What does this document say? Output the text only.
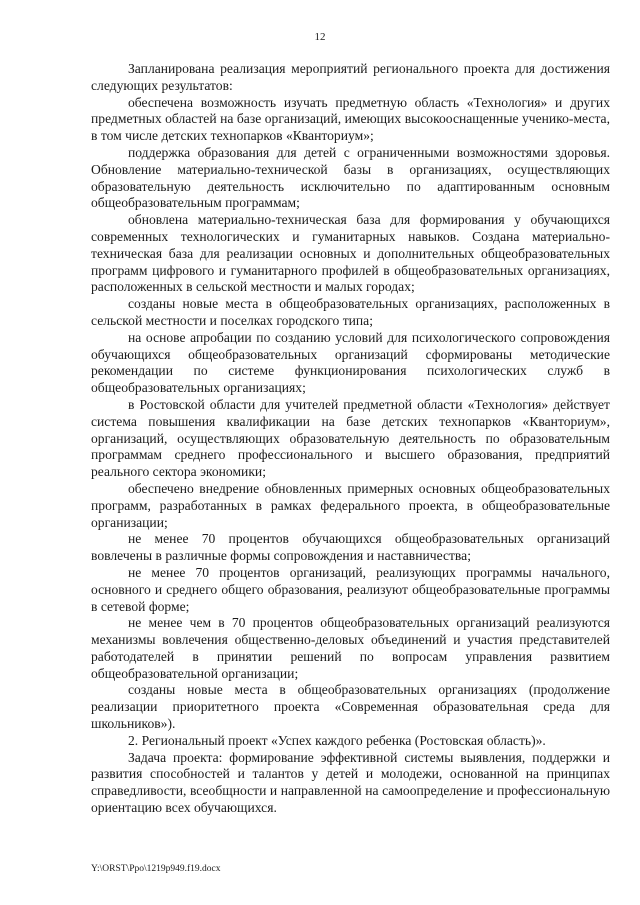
12

Запланирована реализация мероприятий регионального проекта для достижения следующих результатов:

обеспечена возможность изучать предметную область «Технология» и других предметных областей на базе организаций, имеющих высокооснащенные ученико-места, в том числе детских технопарков «Кванториум»;

поддержка образования для детей с ограниченными возможностями здоровья. Обновление материально-технической базы в организациях, осуществляющих образовательную деятельность исключительно по адаптированным основным общеобразовательным программам;

обновлена материально-техническая база для формирования у обучающихся современных технологических и гуманитарных навыков. Создана материально-техническая база для реализации основных и дополнительных общеобразовательных программ цифрового и гуманитарного профилей в общеобразовательных организациях, расположенных в сельской местности и малых городах;

созданы новые места в общеобразовательных организациях, расположенных в сельской местности и поселках городского типа;

на основе апробации по созданию условий для психологического сопровождения обучающихся общеобразовательных организаций сформированы методические рекомендации по системе функционирования психологических служб в общеобразовательных организациях;

в Ростовской области для учителей предметной области «Технология» действует система повышения квалификации на базе детских технопарков «Кванториум», организаций, осуществляющих образовательную деятельность по образовательным программам среднего профессионального и высшего образования, предприятий реального сектора экономики;

обеспечено внедрение обновленных примерных основных общеобразовательных программ, разработанных в рамках федерального проекта, в общеобразовательные организации;

не менее 70 процентов обучающихся общеобразовательных организаций вовлечены в различные формы сопровождения и наставничества;

не менее 70 процентов организаций, реализующих программы начального, основного и среднего общего образования, реализуют общеобразовательные программы в сетевой форме;

не менее чем в 70 процентов общеобразовательных организаций реализуются механизмы вовлечения общественно-деловых объединений и участия представителей работодателей в принятии решений по вопросам управления развитием общеобразовательной организации;

созданы новые места в общеобразовательных организациях (продолжение реализации приоритетного проекта «Современная образовательная среда для школьников»).

2. Региональный проект «Успех каждого ребенка (Ростовская область)».

Задача проекта: формирование эффективной системы выявления, поддержки и развития способностей и талантов у детей и молодежи, основанной на принципах справедливости, всеобщности и направленной на самоопределение и профессиональную ориентацию всех обучающихся.

Y:\ORST\Ppo\1219p949.f19.docx
